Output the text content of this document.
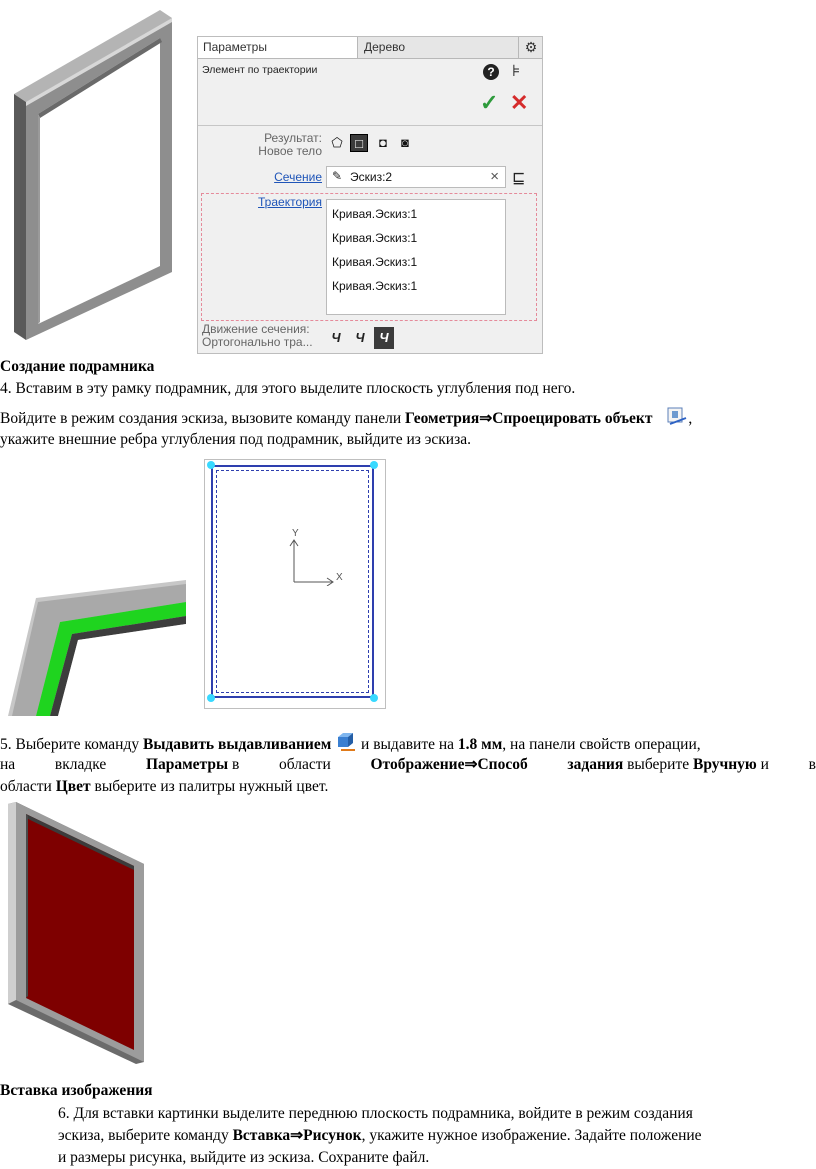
Параметры	Дерево	⚙
Элемент по траектории	? ⊧
✓ ✕
Результат:
Новое тело
⬠ □	◘	◙
Сечение ✎ Эскиз:2	× ⊑
Траектория
Кривая.Эскиз:1
Кривая.Эскиз:1
Кривая.Эскиз:1
Кривая.Эскиз:1
Движение сечения:
Ортогонально тра...	Ч	Ч	Ч
Создание подрамника
4. Вставим в эту рамку подрамник, для этого выделите плоскость углубления под него.
Войдите в режим создания эскиза, вызовите команду панели Геометрия⇒Спроецировать объект ,
укажите внешние ребра углубления под подрамник, выйдите из эскиза.
Y
X
5. Выберите команду Выдавить выдавливанием  и выдавите на 1.8 мм, на панели свойств операции,
на	вкладке	Параметры в	области	Отображение⇒Способ	задания выберите Вручную и	в
области Цвет выберите из палитры нужный цвет.
Вставка изображения
6. Для вставки картинки выделите переднюю плоскость подрамника, войдите в режим создания
эскиза, выберите команду Вставка⇒Рисунок, укажите нужное изображение. Задайте положение
и размеры рисунка, выйдите из эскиза. Сохраните файл.
